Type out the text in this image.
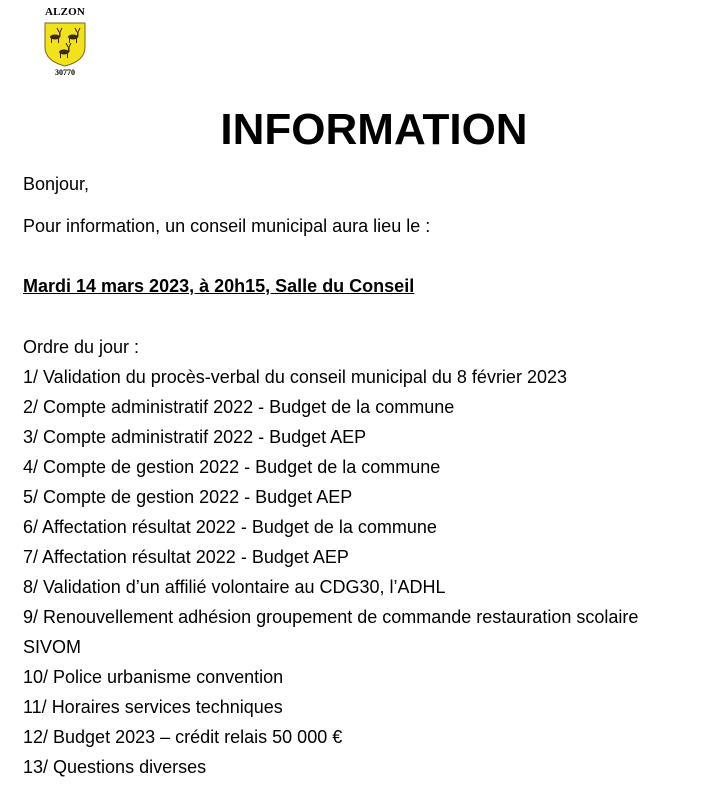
ALZON
30770
INFORMATION

Bonjour,

Pour information, un conseil municipal aura lieu le :

Mardi 14 mars 2023, à 20h15, Salle du Conseil

Ordre du jour :

1/ Validation du procès-verbal du conseil municipal du 8 février 2023

2/ Compte administratif 2022 - Budget de la commune

3/ Compte administratif 2022 - Budget AEP

4/ Compte de gestion 2022 - Budget de la commune

5/ Compte de gestion 2022 - Budget AEP

6/ Affectation résultat 2022 - Budget de la commune

7/ Affectation résultat 2022 - Budget AEP

8/ Validation d’un affilié volontaire au CDG30, l’ADHL

9/ Renouvellement adhésion groupement de commande restauration scolaire

SIVOM

10/ Police urbanisme convention

11/ Horaires services techniques

12/ Budget 2023 – crédit relais 50 000 €

13/ Questions diverses
